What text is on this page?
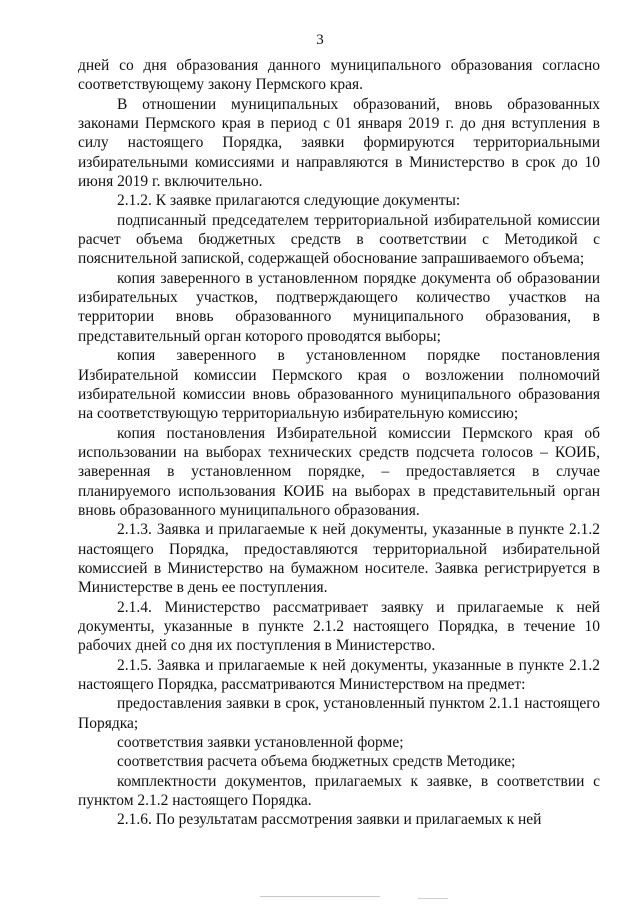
3

дней со дня образования данного муниципального образования согласно соответствующему закону Пермского края.

В отношении муниципальных образований, вновь образованных законами Пермского края в период с 01 января 2019 г. до дня вступления в силу настоящего Порядка, заявки формируются территориальными избирательными комиссиями и направляются в Министерство в срок до 10 июня 2019 г. включительно.

2.1.2. К заявке прилагаются следующие документы:

подписанный председателем территориальной избирательной комиссии расчет объема бюджетных средств в соответствии с Методикой с пояснительной запиской, содержащей обоснование запрашиваемого объема;

копия заверенного в установленном порядке документа об образовании избирательных участков, подтверждающего количество участков на территории вновь образованного муниципального образования, в представительный орган которого проводятся выборы;

копия заверенного в установленном порядке постановления Избирательной комиссии Пермского края о возложении полномочий избирательной комиссии вновь образованного муниципального образования на соответствующую территориальную избирательную комиссию;

копия постановления Избирательной комиссии Пермского края об использовании на выборах технических средств подсчета голосов – КОИБ, заверенная в установленном порядке, – предоставляется в случае планируемого использования КОИБ на выборах в представительный орган вновь образованного муниципального образования.

2.1.3. Заявка и прилагаемые к ней документы, указанные в пункте 2.1.2 настоящего Порядка, предоставляются территориальной избирательной комиссией в Министерство на бумажном носителе. Заявка регистрируется в Министерстве в день ее поступления.

2.1.4. Министерство рассматривает заявку и прилагаемые к ней документы, указанные в пункте 2.1.2 настоящего Порядка, в течение 10 рабочих дней со дня их поступления в Министерство.

2.1.5. Заявка и прилагаемые к ней документы, указанные в пункте 2.1.2 настоящего Порядка, рассматриваются Министерством на предмет:

предоставления заявки в срок, установленный пунктом 2.1.1 настоящего Порядка;

соответствия заявки установленной форме;

соответствия расчета объема бюджетных средств Методике;

комплектности документов, прилагаемых к заявке, в соответствии с пунктом 2.1.2 настоящего Порядка.

2.1.6. По результатам рассмотрения заявки и прилагаемых к ней
